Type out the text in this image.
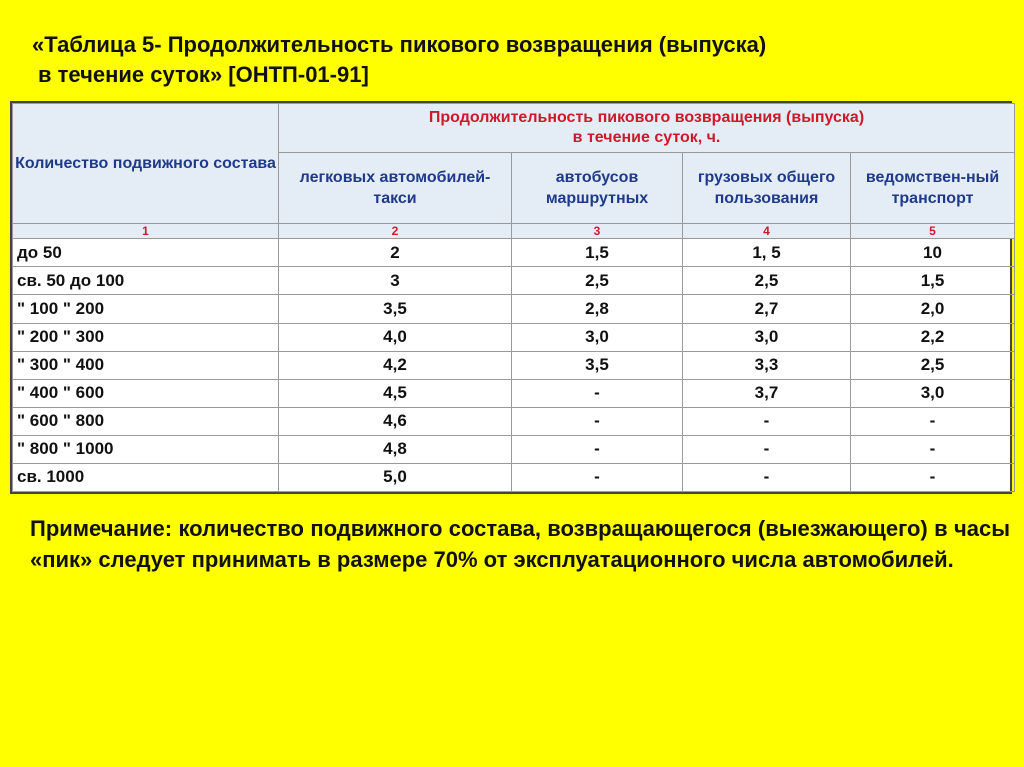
«Таблица 5- Продолжительность пикового возвращения (выпуска)
в течение суток» [ОНТП-01-91]
Количество подвижного состава	Продолжительность пикового возвращения (выпуска)
в течение суток, ч.			
	легковых автомобилей-такси	автобусов маршрутных	грузовых общего пользования	ведомствен-ный транспорт
1	2	3	4	5
до 50	2	1,5	1, 5	10
св. 50 до 100	3	2,5	2,5	1,5
" 100 " 200	3,5	2,8	2,7	2,0
" 200 " 300	4,0	3,0	3,0	2,2
" 300 " 400	4,2	3,5	3,3	2,5
" 400 " 600	4,5	-	3,7	3,0
" 600 " 800	4,6	-	-	-
" 800 " 1000	4,8	-	-	-
св. 1000	5,0	-	-	-
Примечание: количество подвижного состава, возвращающегося (выезжающего) в часы «пик» следует принимать в размере 70% от эксплуатационного числа автомобилей.
